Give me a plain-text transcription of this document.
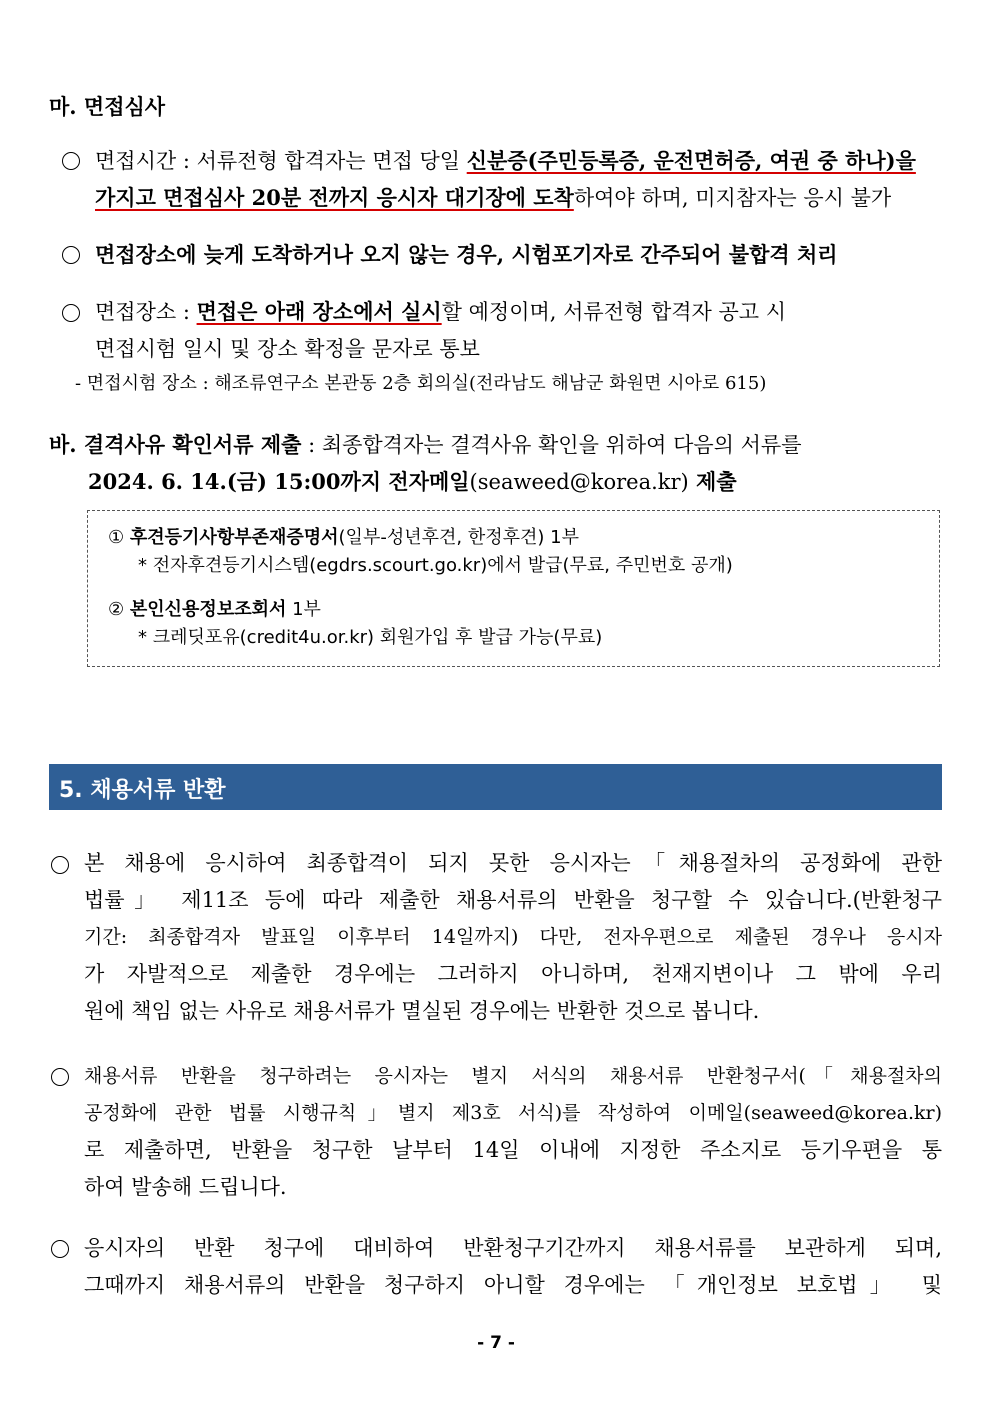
마. 면접심사
면접시간 : 서류전형 합격자는 면접 당일 신분증(주민등록증, 운전면허증, 여권 중 하나)을
가지고 면접심사 20분 전까지 응시자 대기장에 도착하여야 하며, 미지참자는 응시 불가
면접장소에 늦게 도착하거나 오지 않는 경우, 시험포기자로 간주되어 불합격 처리
면접장소 : 면접은 아래 장소에서 실시할 예정이며, 서류전형 합격자 공고 시
면접시험 일시 및 장소 확정을 문자로 통보
- 면접시험 장소 : 해조류연구소 본관동 2층 회의실(전라남도 해남군 화원면 시아로 615)
바. 결격사유 확인서류 제출 : 최종합격자는 결격사유 확인을 위하여 다음의 서류를
2024. 6. 14.(금) 15:00까지 전자메일(seaweed@korea.kr) 제출
① 후견등기사항부존재증명서(일부-성년후견, 한정후견) 1부
* 전자후견등기시스템(egdrs.scourt.go.kr)에서 발급(무료, 주민번호 공개)
② 본인신용정보조회서 1부
* 크레딧포유(credit4u.or.kr) 회원가입 후 발급 가능(무료)
5. 채용서류 반환
본 채용에 응시하여 최종합격이 되지 못한 응시자는「채용절차의 공정화에 관한
법률」 제11조 등에 따라 제출한 채용서류의 반환을 청구할 수 있습니다.(반환청구
기간: 최종합격자 발표일 이후부터 14일까지) 다만, 전자우편으로 제출된 경우나 응시자
가 자발적으로 제출한 경우에는 그러하지 아니하며, 천재지변이나 그 밖에 우리
원에 책임 없는 사유로 채용서류가 멸실된 경우에는 반환한 것으로 봅니다.
채용서류 반환을 청구하려는 응시자는 별지 서식의 채용서류 반환청구서(「채용절차의
공정화에 관한 법률 시행규칙」별지 제3호 서식)를 작성하여 이메일(seaweed@korea.kr)
로 제출하면, 반환을 청구한 날부터 14일 이내에 지정한 주소지로 등기우편을 통
하여 발송해 드립니다.
응시자의 반환 청구에 대비하여 반환청구기간까지 채용서류를 보관하게 되며,
그때까지 채용서류의 반환을 청구하지 아니할 경우에는 「개인정보 보호법」 및
- 7 -
